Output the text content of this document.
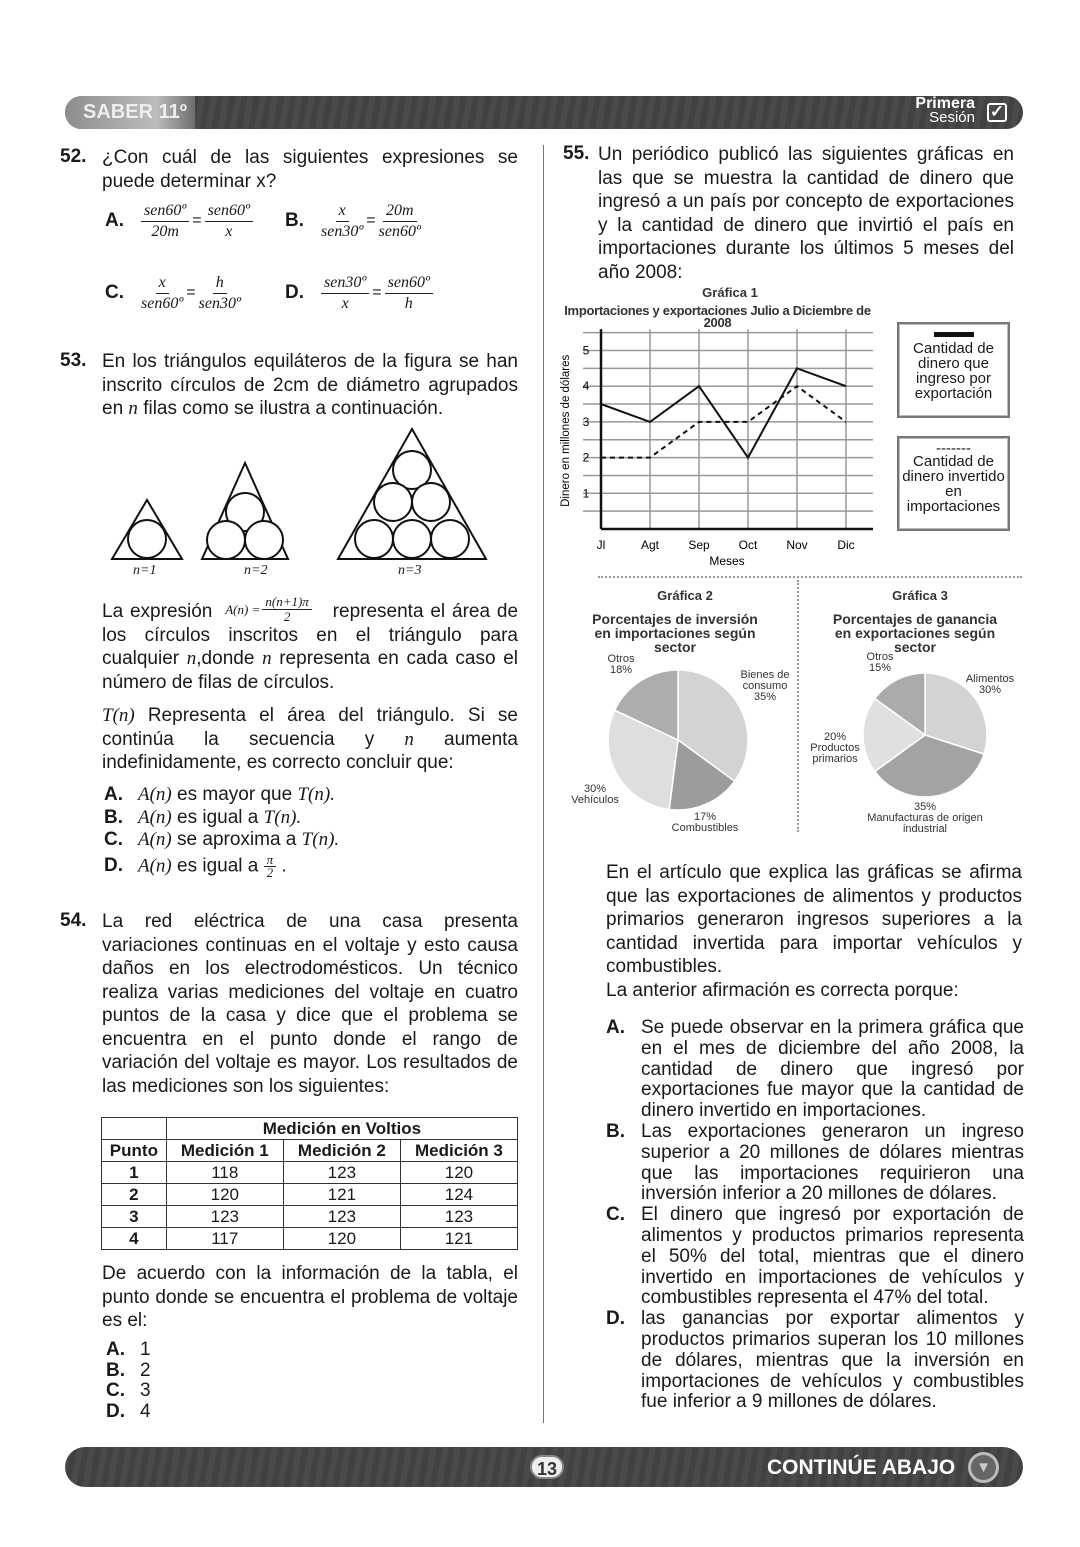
SABER 11º	Primera
Sesión ✓
52. ¿Con cuál de las siguientes expresiones se puede determinar x?
A.	$\frac{\text{sen60º}}{20m} = \frac{\text{sen60º}}{x} B$.	$\frac{x}{\text{sen30º}} = \frac{20m}{\text{sen60º}}$
C.	$\frac{x}{\text{sen60º}} = \frac{h}{\text{sen30º}} D$.	$\frac{\text{sen30º}}{x} = \frac{\text{sen60º}}{h}$
53. En los triángulos equiláteros de la figura se han inscrito círculos de 2cm de diámetro agrupados en n filas como se ilustra a continuación.
n=1	n=2	n=3
La expresión $A(n) = \frac{n(n+1)\pi}{2}$ representa el área de los círculos inscritos en el triángulo para cualquier n,donde n representa en cada caso el número de filas de círculos.
T(n) Representa el área del triángulo. Si se continúa la secuencia y n aumenta indefinidamente, es correcto concluir que:
A. A(n) es mayor que T(n).
B. A(n) es igual a T(n).
C. A(n) se aproxima a T(n).
D. A(n) es igual a $\frac{\pi}{2}$ .
54. La red eléctrica de una casa presenta variaciones continuas en el voltaje y esto causa daños en los electrodomésticos. Un técnico realiza varias mediciones del voltaje en cuatro puntos de la casa y dice que el problema se encuentra en el punto donde el rango de variación del voltaje es mayor. Los resultados de las mediciones son los siguientes:
	Medición en Voltios		
Punto	Medición 1	Medición 2	Medición 3
1	118	123	120
2	120	121	124
3	123	123	123
4	117	120	121
De acuerdo con la información de la tabla, el punto donde se encuentra el problema de voltaje es el:
A. 1
B. 2
C. 3
D. 4
55. Un periódico publicó las siguientes gráficas en las que se muestra la cantidad de dinero que ingresó a un país por concepto de exportaciones y la cantidad de dinero que invirtió el país en importaciones durante los últimos 5 meses del año 2008:
Gráfica 1
Importaciones y exportaciones Julio a Diciembre de 2008
1
2
3
4
5
Jl	Agt Sep Oct Nov Dic
Meses
Dinero en millones de dólares
Cantidad de dinero que ingreso por exportación
-------
Cantidad de dinero invertido en importaciones
Gráfica 2
Porcentajes de inversión en importaciones según sector
Gráfica 3
Porcentajes de ganancia en exportaciones según sector
Bienes de consumo 35%
17% Combustibles
30% Vehículos
Otros 18%
Alimentos 30%
35% Manufacturas de origen industrial
20% Productos primarios
Otros 15%
En el artículo que explica las gráficas se afirma que las exportaciones de alimentos y productos primarios generaron ingresos superiores a la cantidad invertida para importar vehículos y combustibles.
La anterior afirmación es correcta porque:
A. Se puede observar en la primera gráfica que en el mes de diciembre del año 2008, la cantidad de dinero que ingresó por exportaciones fue mayor que la cantidad de dinero invertido en importaciones.
B. Las exportaciones generaron un ingreso superior a 20 millones de dólares mientras que las importaciones requirieron una inversión inferior a 20 millones de dólares.
C. El dinero que ingresó por exportación de alimentos y productos primarios representa el 50% del total, mientras que el dinero invertido en importaciones de vehículos y combustibles representa el 47% del total.
D. las ganancias por exportar alimentos y productos primarios superan los 10 millones de dólares, mientras que la inversión en importaciones de vehículos y combustibles fue inferior a 9 millones de dólares.
13	CONTINÚE ABAJO	▼
